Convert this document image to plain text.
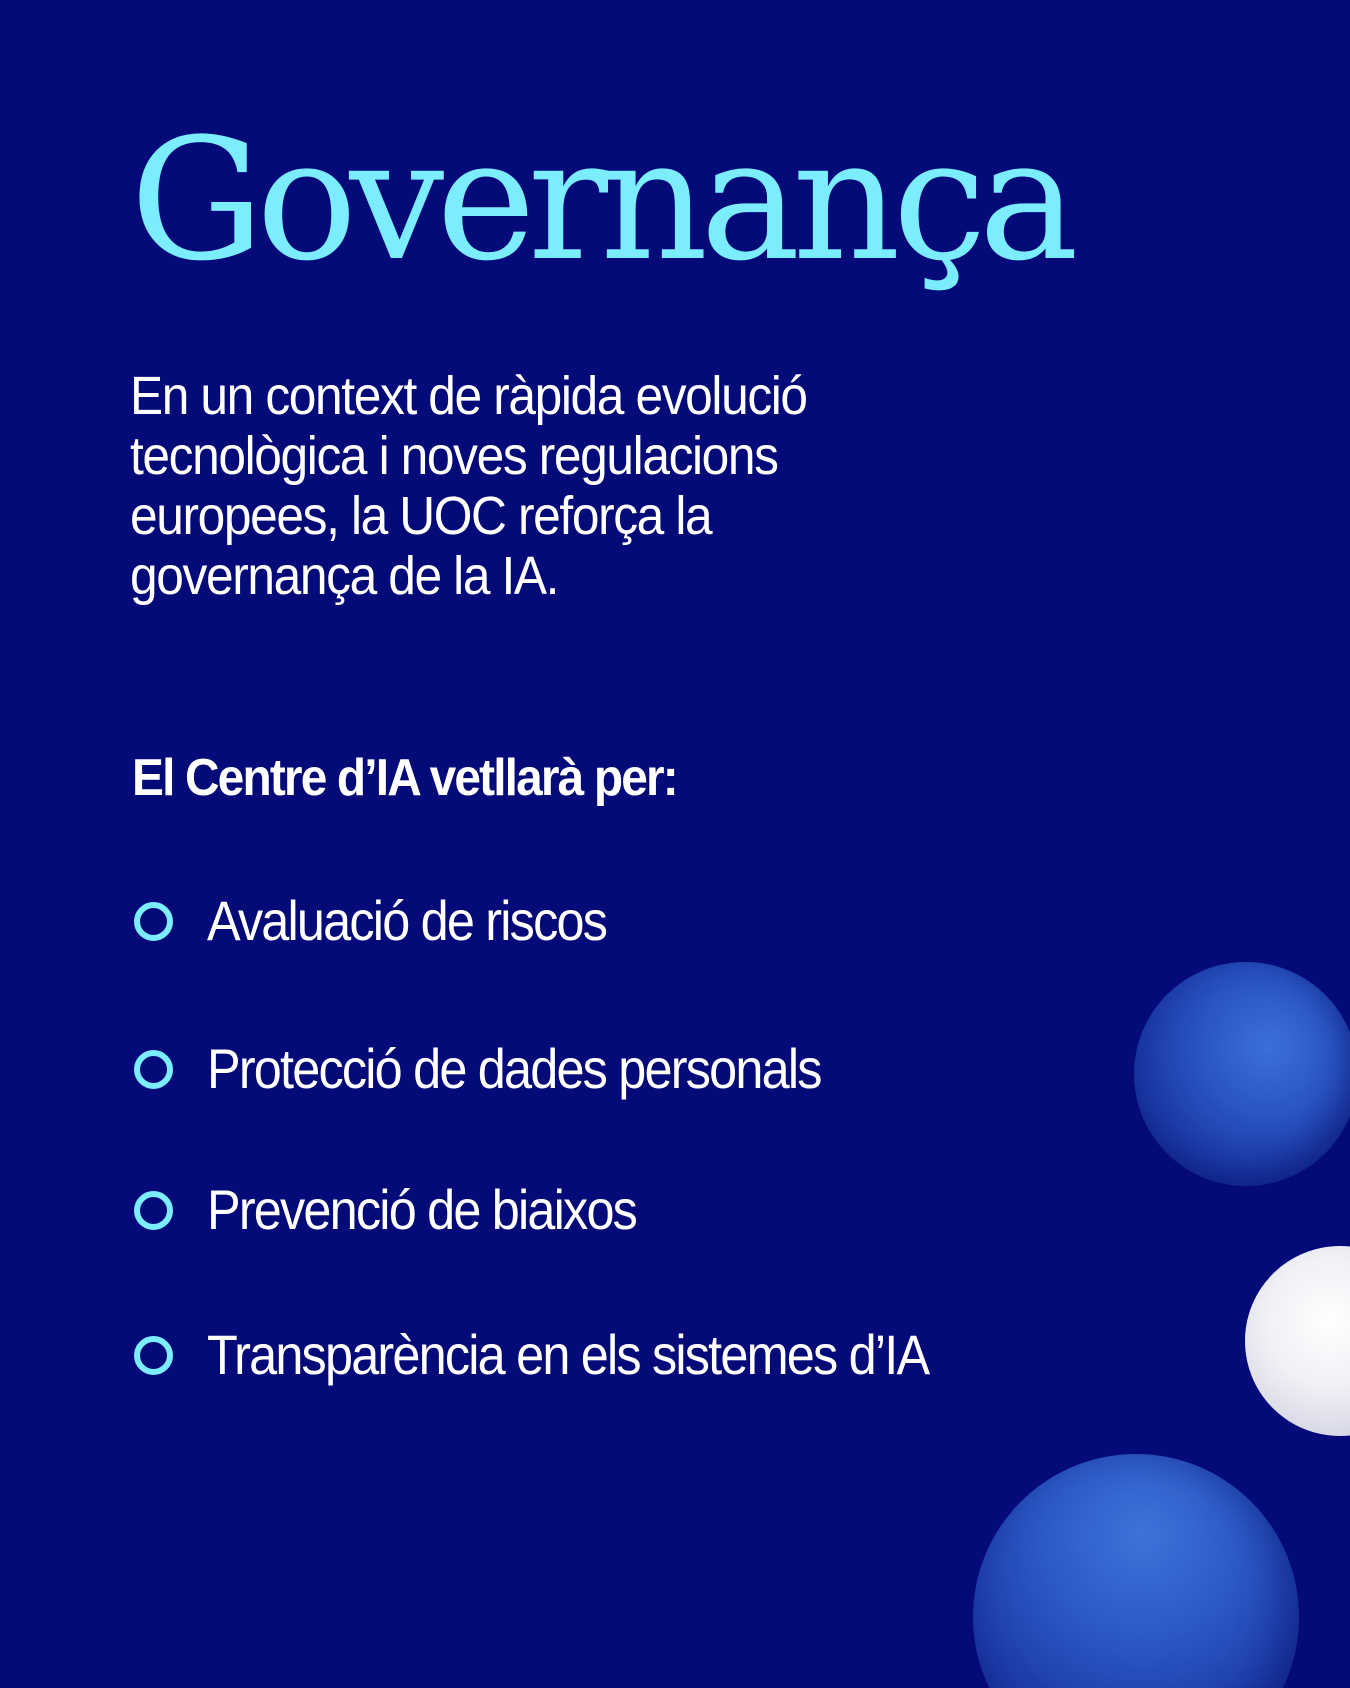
Governança

En un context de ràpida evolució tecnològica i noves regulacions europees, la UOC reforça la governança de la IA.

El Centre d’IA vetllarà per:
Avaluació de riscos
Protecció de dades personals
Prevenció de biaixos
Transparència en els sistemes d’IA
